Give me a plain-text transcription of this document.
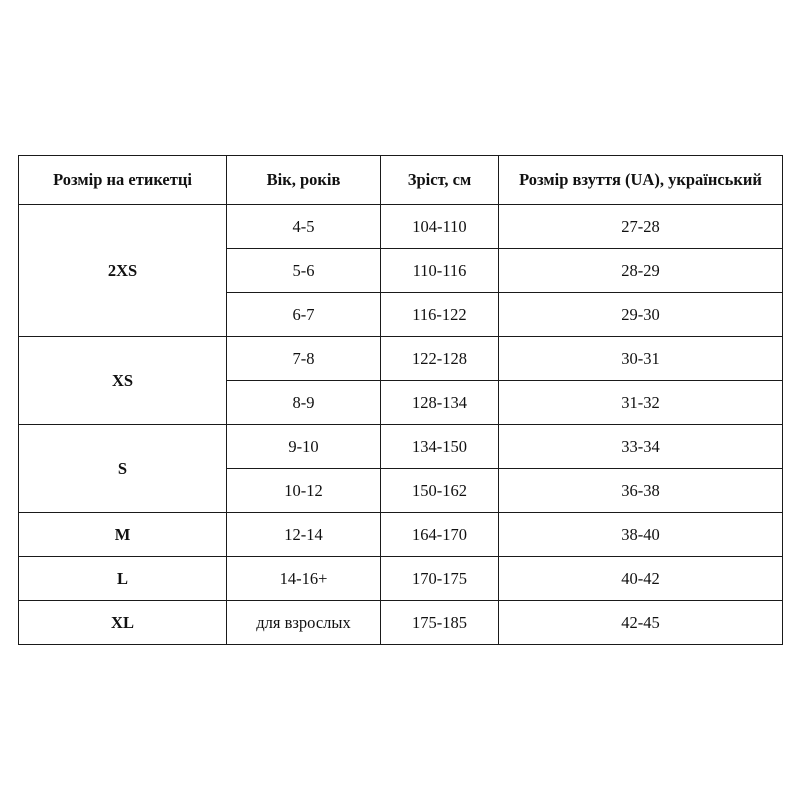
Розмір на етикетці	Вік, років	Зріст, см	Розмір взуття (UA), український
2XS	4-5	104-110	27-28
	5-6	110-116	28-29
	6-7	116-122	29-30
XS	7-8	122-128	30-31
	8-9	128-134	31-32
S	9-10	134-150	33-34
	10-12	150-162	36-38
M	12-14	164-170	38-40
L	14-16+	170-175	40-42
XL	для взрослых	175-185	42-45
